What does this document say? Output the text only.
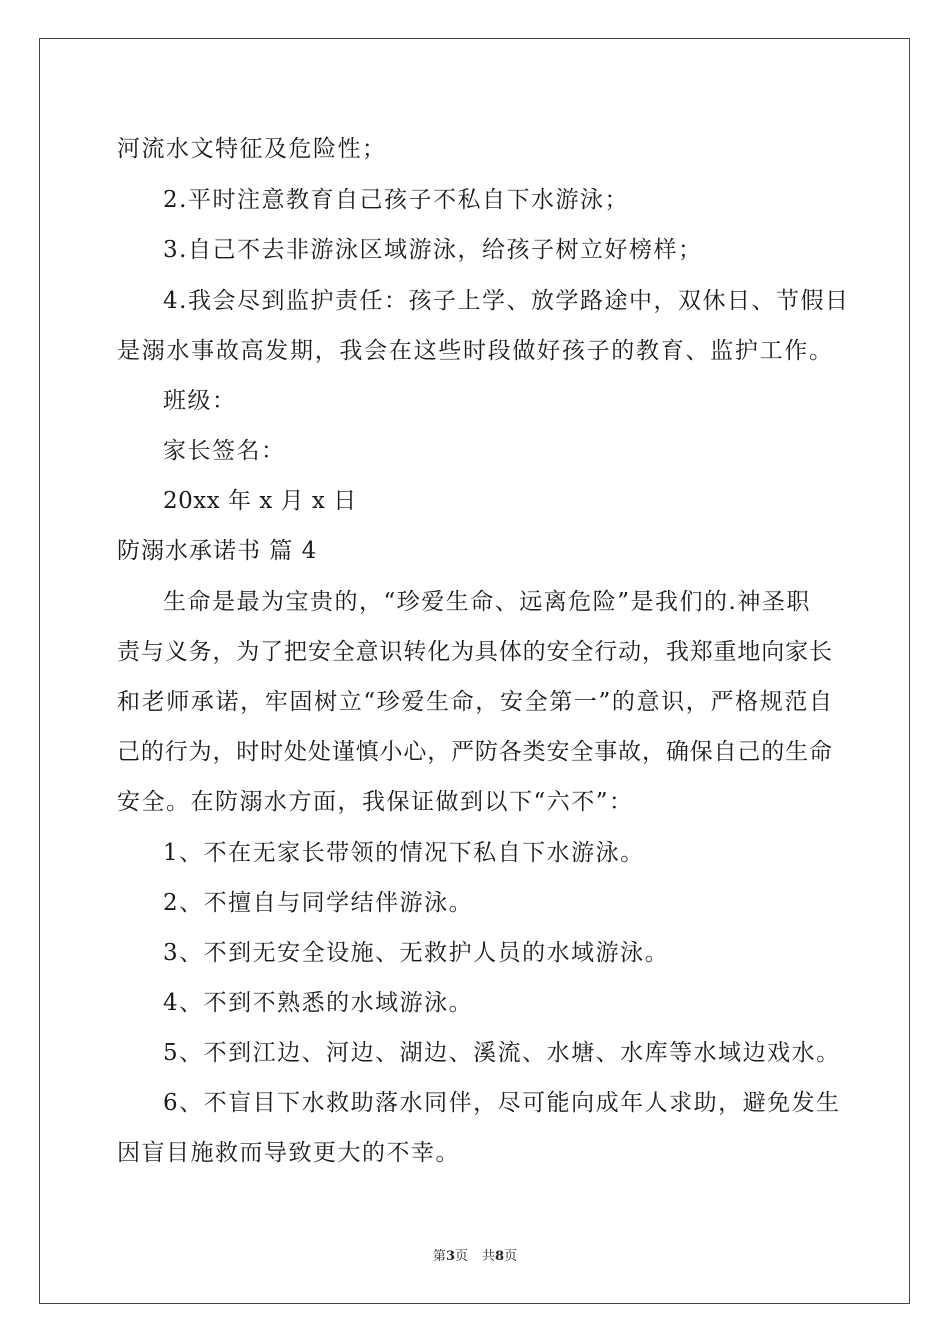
河流水文特征及危险性；
2.平时注意教育自己孩子不私自下水游泳；
3.自己不去非游泳区域游泳，给孩子树立好榜样；
4.我会尽到监护责任：孩子上学、放学路途中，双休日、节假日
是溺水事故高发期，我会在这些时段做好孩子的教育、监护工作。
班级：
家长签名：
20xx 年 x 月 x 日
防溺水承诺书 篇 4
生命是最为宝贵的，“珍爱生命、远离危险”是我们的.神圣职
责与义务，为了把安全意识转化为具体的安全行动，我郑重地向家长
和老师承诺，牢固树立“珍爱生命，安全第一”的意识，严格规范自
己的行为，时时处处谨慎小心，严防各类安全事故，确保自己的生命
安全。在防溺水方面，我保证做到以下“六不”：
1、不在无家长带领的情况下私自下水游泳。
2、不擅自与同学结伴游泳。
3、不到无安全设施、无救护人员的水域游泳。
4、不到不熟悉的水域游泳。
5、不到江边、河边、湖边、溪流、水塘、水库等水域边戏水。
6、不盲目下水救助落水同伴，尽可能向成年人求助，避免发生
因盲目施救而导致更大的不幸。
第3页 共8页
